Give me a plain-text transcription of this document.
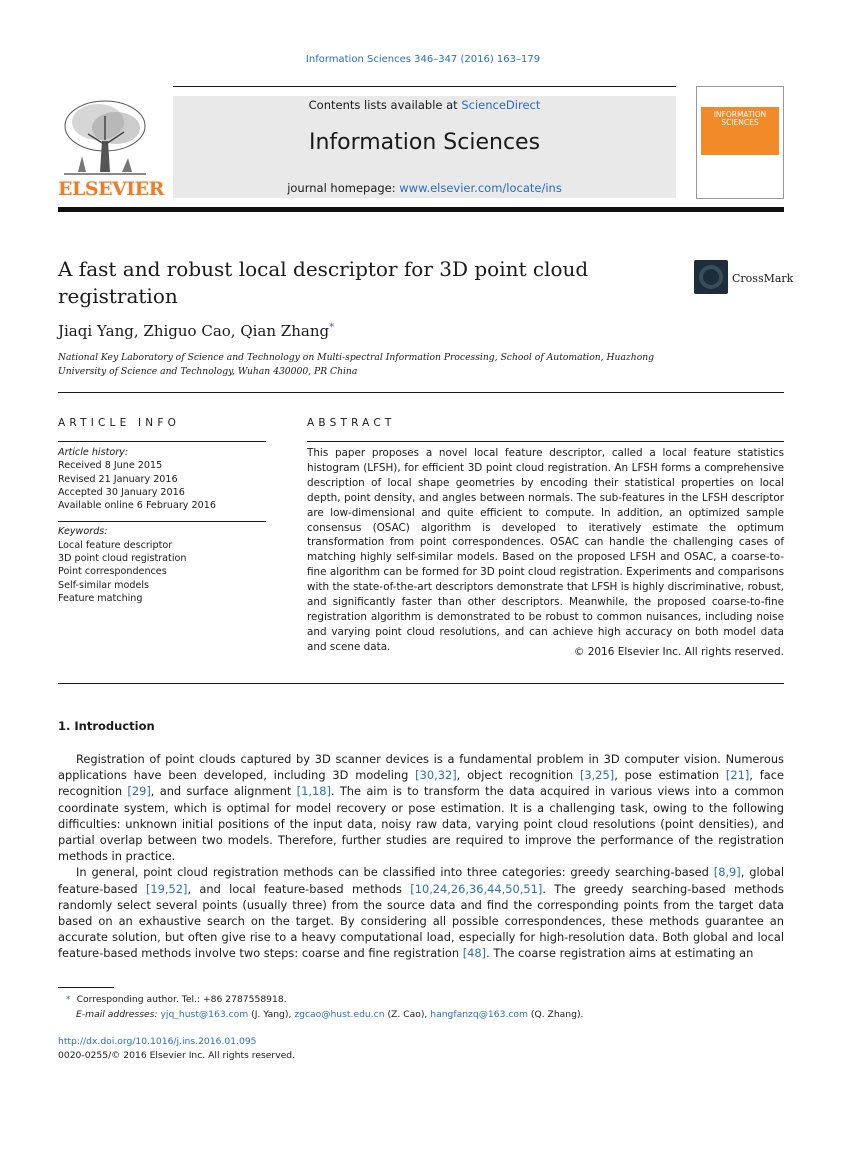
Information Sciences 346–347 (2016) 163–179
ELSEVIER
Contents lists available at ScienceDirect
Information Sciences
journal homepage: www.elsevier.com/locate/ins
INFORMATION SCIENCES
A fast and robust local descriptor for 3D point cloud registration
CrossMark
Jiaqi Yang, Zhiguo Cao, Qian Zhang*
National Key Laboratory of Science and Technology on Multi-spectral Information Processing, School of Automation, Huazhong University of Science and Technology, Wuhan 430000, PR China
ARTICLE INFO	ABSTRACT
Article history:
Received 8 June 2015
Revised 21 January 2016
Accepted 30 January 2016
Available online 6 February 2016
Keywords:
Local feature descriptor
3D point cloud registration
Point correspondences
Self-similar models
Feature matching
This paper proposes a novel local feature descriptor, called a local feature statistics histogram (LFSH), for efficient 3D point cloud registration. An LFSH forms a comprehensive description of local shape geometries by encoding their statistical properties on local depth, point density, and angles between normals. The sub-features in the LFSH descriptor are low-dimensional and quite efficient to compute. In addition, an optimized sample consensus (OSAC) algorithm is developed to iteratively estimate the optimum transformation from point correspondences. OSAC can handle the challenging cases of matching highly self-similar models. Based on the proposed LFSH and OSAC, a coarse-to-fine algorithm can be formed for 3D point cloud registration. Experiments and comparisons with the state-of-the-art descriptors demonstrate that LFSH is highly discriminative, robust, and significantly faster than other descriptors. Meanwhile, the proposed coarse-to-fine registration algorithm is demonstrated to be robust to common nuisances, including noise and varying point cloud resolutions, and can achieve high accuracy on both model data and scene data.	© 2016 Elsevier Inc. All rights reserved.
1. Introduction

Registration of point clouds captured by 3D scanner devices is a fundamental problem in 3D computer vision. Numerous applications have been developed, including 3D modeling [30,32], object recognition [3,25], pose estimation [21], face recognition [29], and surface alignment [1,18]. The aim is to transform the data acquired in various views into a common coordinate system, which is optimal for model recovery or pose estimation. It is a challenging task, owing to the following difficulties: unknown initial positions of the input data, noisy raw data, varying point cloud resolutions (point densities), and partial overlap between two models. Therefore, further studies are required to improve the performance of the registration methods in practice.

In general, point cloud registration methods can be classified into three categories: greedy searching-based [8,9], global feature-based [19,52], and local feature-based methods [10,24,26,36,44,50,51]. The greedy searching-based methods randomly select several points (usually three) from the source data and find the corresponding points from the target data based on an exhaustive search on the target. By considering all possible correspondences, these methods guarantee an accurate solution, but often give rise to a heavy computational load, especially for high-resolution data. Both global and local feature-based methods involve two steps: coarse and fine registration [48]. The coarse registration aims at estimating an

* Corresponding author. Tel.: +86 2787558918.
E-mail addresses: yjq_hust@163.com (J. Yang), zgcao@hust.edu.cn (Z. Cao), hangfanzq@163.com (Q. Zhang).
http://dx.doi.org/10.1016/j.ins.2016.01.095
0020-0255/© 2016 Elsevier Inc. All rights reserved.
